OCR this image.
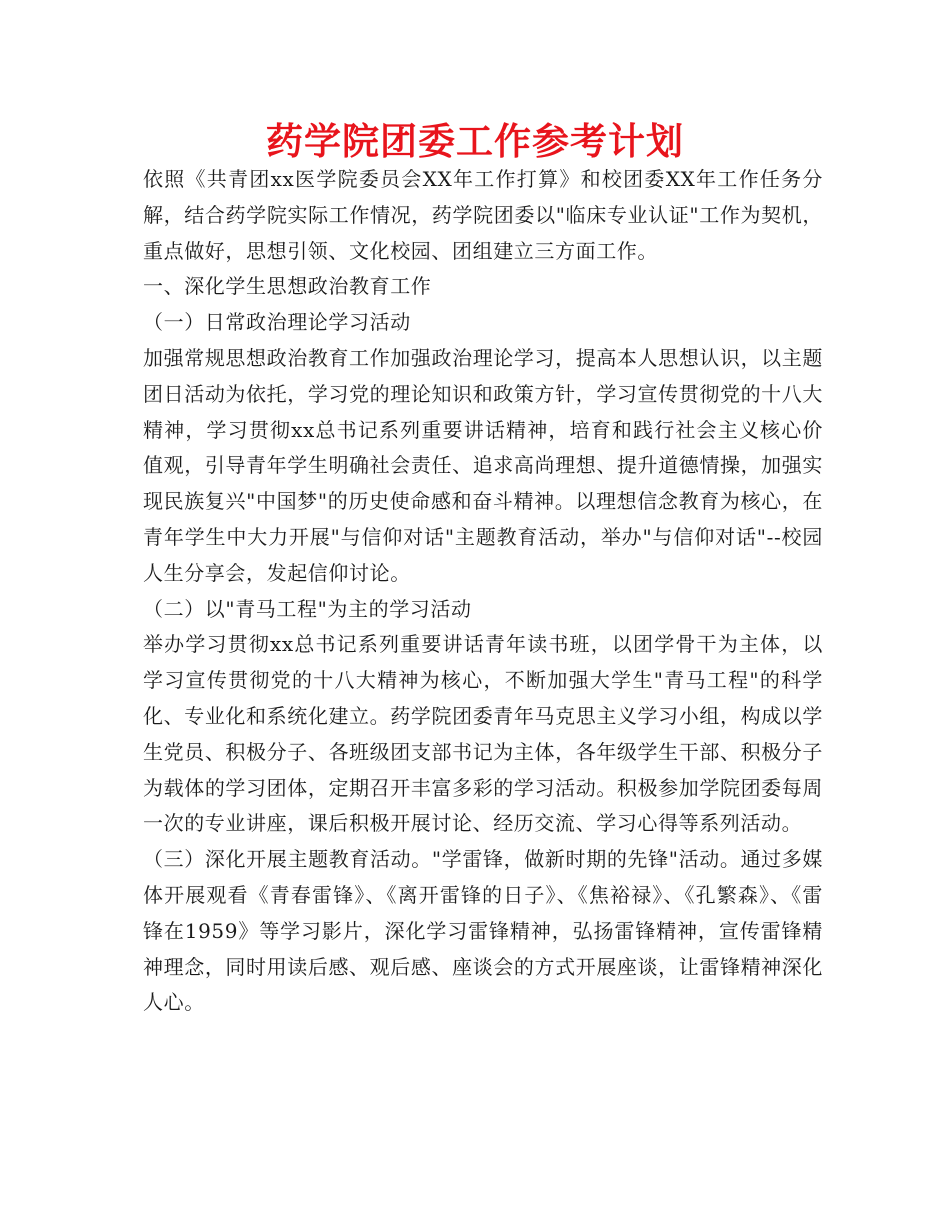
药学院团委工作参考计划

依照《共青团xx医学院委员会XX年工作打算》和校团委XX年工作任务分解，结合药学院实际工作情况，药学院团委以"临床专业认证"工作为契机，重点做好，思想引领、文化校园、团组建立三方面工作。

一、深化学生思想政治教育工作

（一）日常政治理论学习活动

加强常规思想政治教育工作加强政治理论学习，提高本人思想认识，以主题团日活动为依托，学习党的理论知识和政策方针，学习宣传贯彻党的十八大精神，学习贯彻xx总书记系列重要讲话精神，培育和践行社会主义核心价值观，引导青年学生明确社会责任、追求高尚理想、提升道德情操，加强实现民族复兴"中国梦"的历史使命感和奋斗精神。以理想信念教育为核心，在青年学生中大力开展"与信仰对话"主题教育活动，举办"与信仰对话"--校园人生分享会，发起信仰讨论。

（二）以"青马工程"为主的学习活动

举办学习贯彻xx总书记系列重要讲话青年读书班，以团学骨干为主体，以学习宣传贯彻党的十八大精神为核心，不断加强大学生"青马工程"的科学化、专业化和系统化建立。药学院团委青年马克思主义学习小组，构成以学生党员、积极分子、各班级团支部书记为主体，各年级学生干部、积极分子为载体的学习团体，定期召开丰富多彩的学习活动。积极参加学院团委每周一次的专业讲座，课后积极开展讨论、经历交流、学习心得等系列活动。

（三）深化开展主题教育活动。"学雷锋，做新时期的先锋"活动。通过多媒体开展观看《青春雷锋》、《离开雷锋的日子》、《焦裕禄》、《孔繁森》、《雷锋在1959》等学习影片，深化学习雷锋精神，弘扬雷锋精神，宣传雷锋精神理念，同时用读后感、观后感、座谈会的方式开展座谈，让雷锋精神深化人心。
